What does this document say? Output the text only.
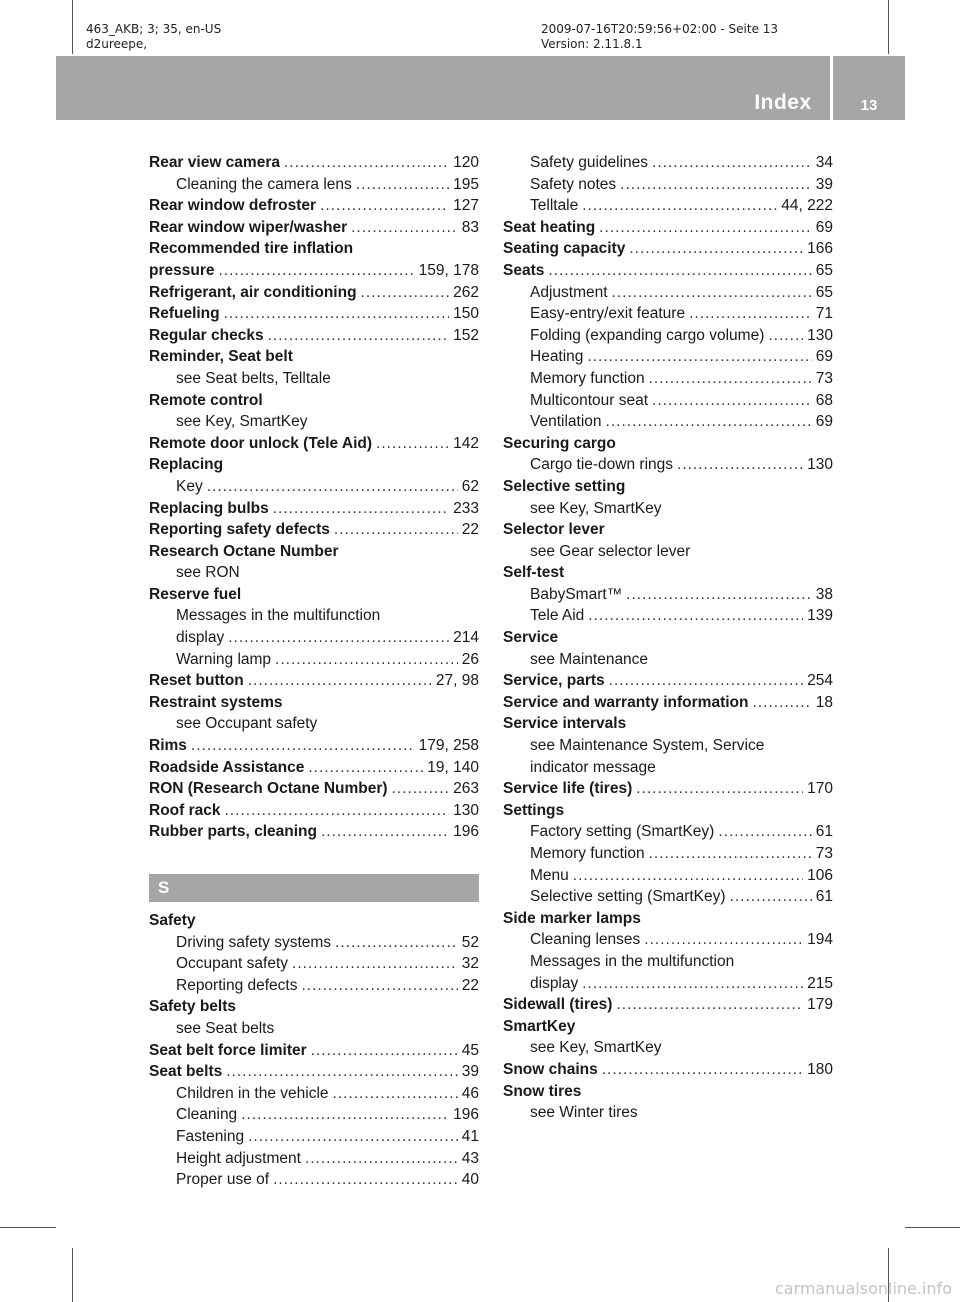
463_AKB; 3; 35, en-US
d2ureepe,
2009-07-16T20:59:56+02:00 - Seite 13
Version: 2.11.8.1
Index	13
Rear view camera .....	120
Cleaning the camera lens .....	195
Rear window defroster .....	127
Rear window wiper/washer .....	83
Recommended tire inflation
pressure .....	159, 178
Refrigerant, air conditioning .....	262
Refueling .....	150
Regular checks .....	152
Reminder, Seat belt
see Seat belts, Telltale
Remote control
see Key, SmartKey
Remote door unlock (Tele Aid) .....	142
Replacing
Key .....	62
Replacing bulbs .....	233
Reporting safety defects .....	22
Research Octane Number
see RON
Reserve fuel
Messages in the multifunction
display .....	214
Warning lamp .....	26
Reset button .....	27, 98
Restraint systems
see Occupant safety
Rims .....	179, 258
Roadside Assistance .....	19, 140
RON (Research Octane Number) .....	263
Roof rack .....	130
Rubber parts, cleaning .....	196
S
Safety
Driving safety systems .....	52
Occupant safety .....	32
Reporting defects .....	22
Safety belts
see Seat belts
Seat belt force limiter .....	45
Seat belts .....	39
Children in the vehicle .....	46
Cleaning .....	196
Fastening .....	41
Height adjustment .....	43
Proper use of .....	40
Safety guidelines .....	34
Safety notes .....	39
Telltale .....	44, 222
Seat heating .....	69
Seating capacity .....	166
Seats .....	65
Adjustment .....	65
Easy-entry/exit feature .....	71
Folding (expanding cargo volume) .....	130
Heating .....	69
Memory function .....	73
Multicontour seat .....	68
Ventilation .....	69
Securing cargo
Cargo tie-down rings .....	130
Selective setting
see Key, SmartKey
Selector lever
see Gear selector lever
Self-test
BabySmart™ .....	38
Tele Aid .....	139
Service
see Maintenance
Service, parts .....	254
Service and warranty information .....	18
Service intervals
see Maintenance System, Service
indicator message
Service life (tires) .....	170
Settings
Factory setting (SmartKey) .....	61
Memory function .....	73
Menu .....	106
Selective setting (SmartKey) .....	61
Side marker lamps
Cleaning lenses .....	194
Messages in the multifunction
display .....	215
Sidewall (tires) .....	179
SmartKey
see Key, SmartKey
Snow chains .....	180
Snow tires
see Winter tires
carmanualsonline.info
